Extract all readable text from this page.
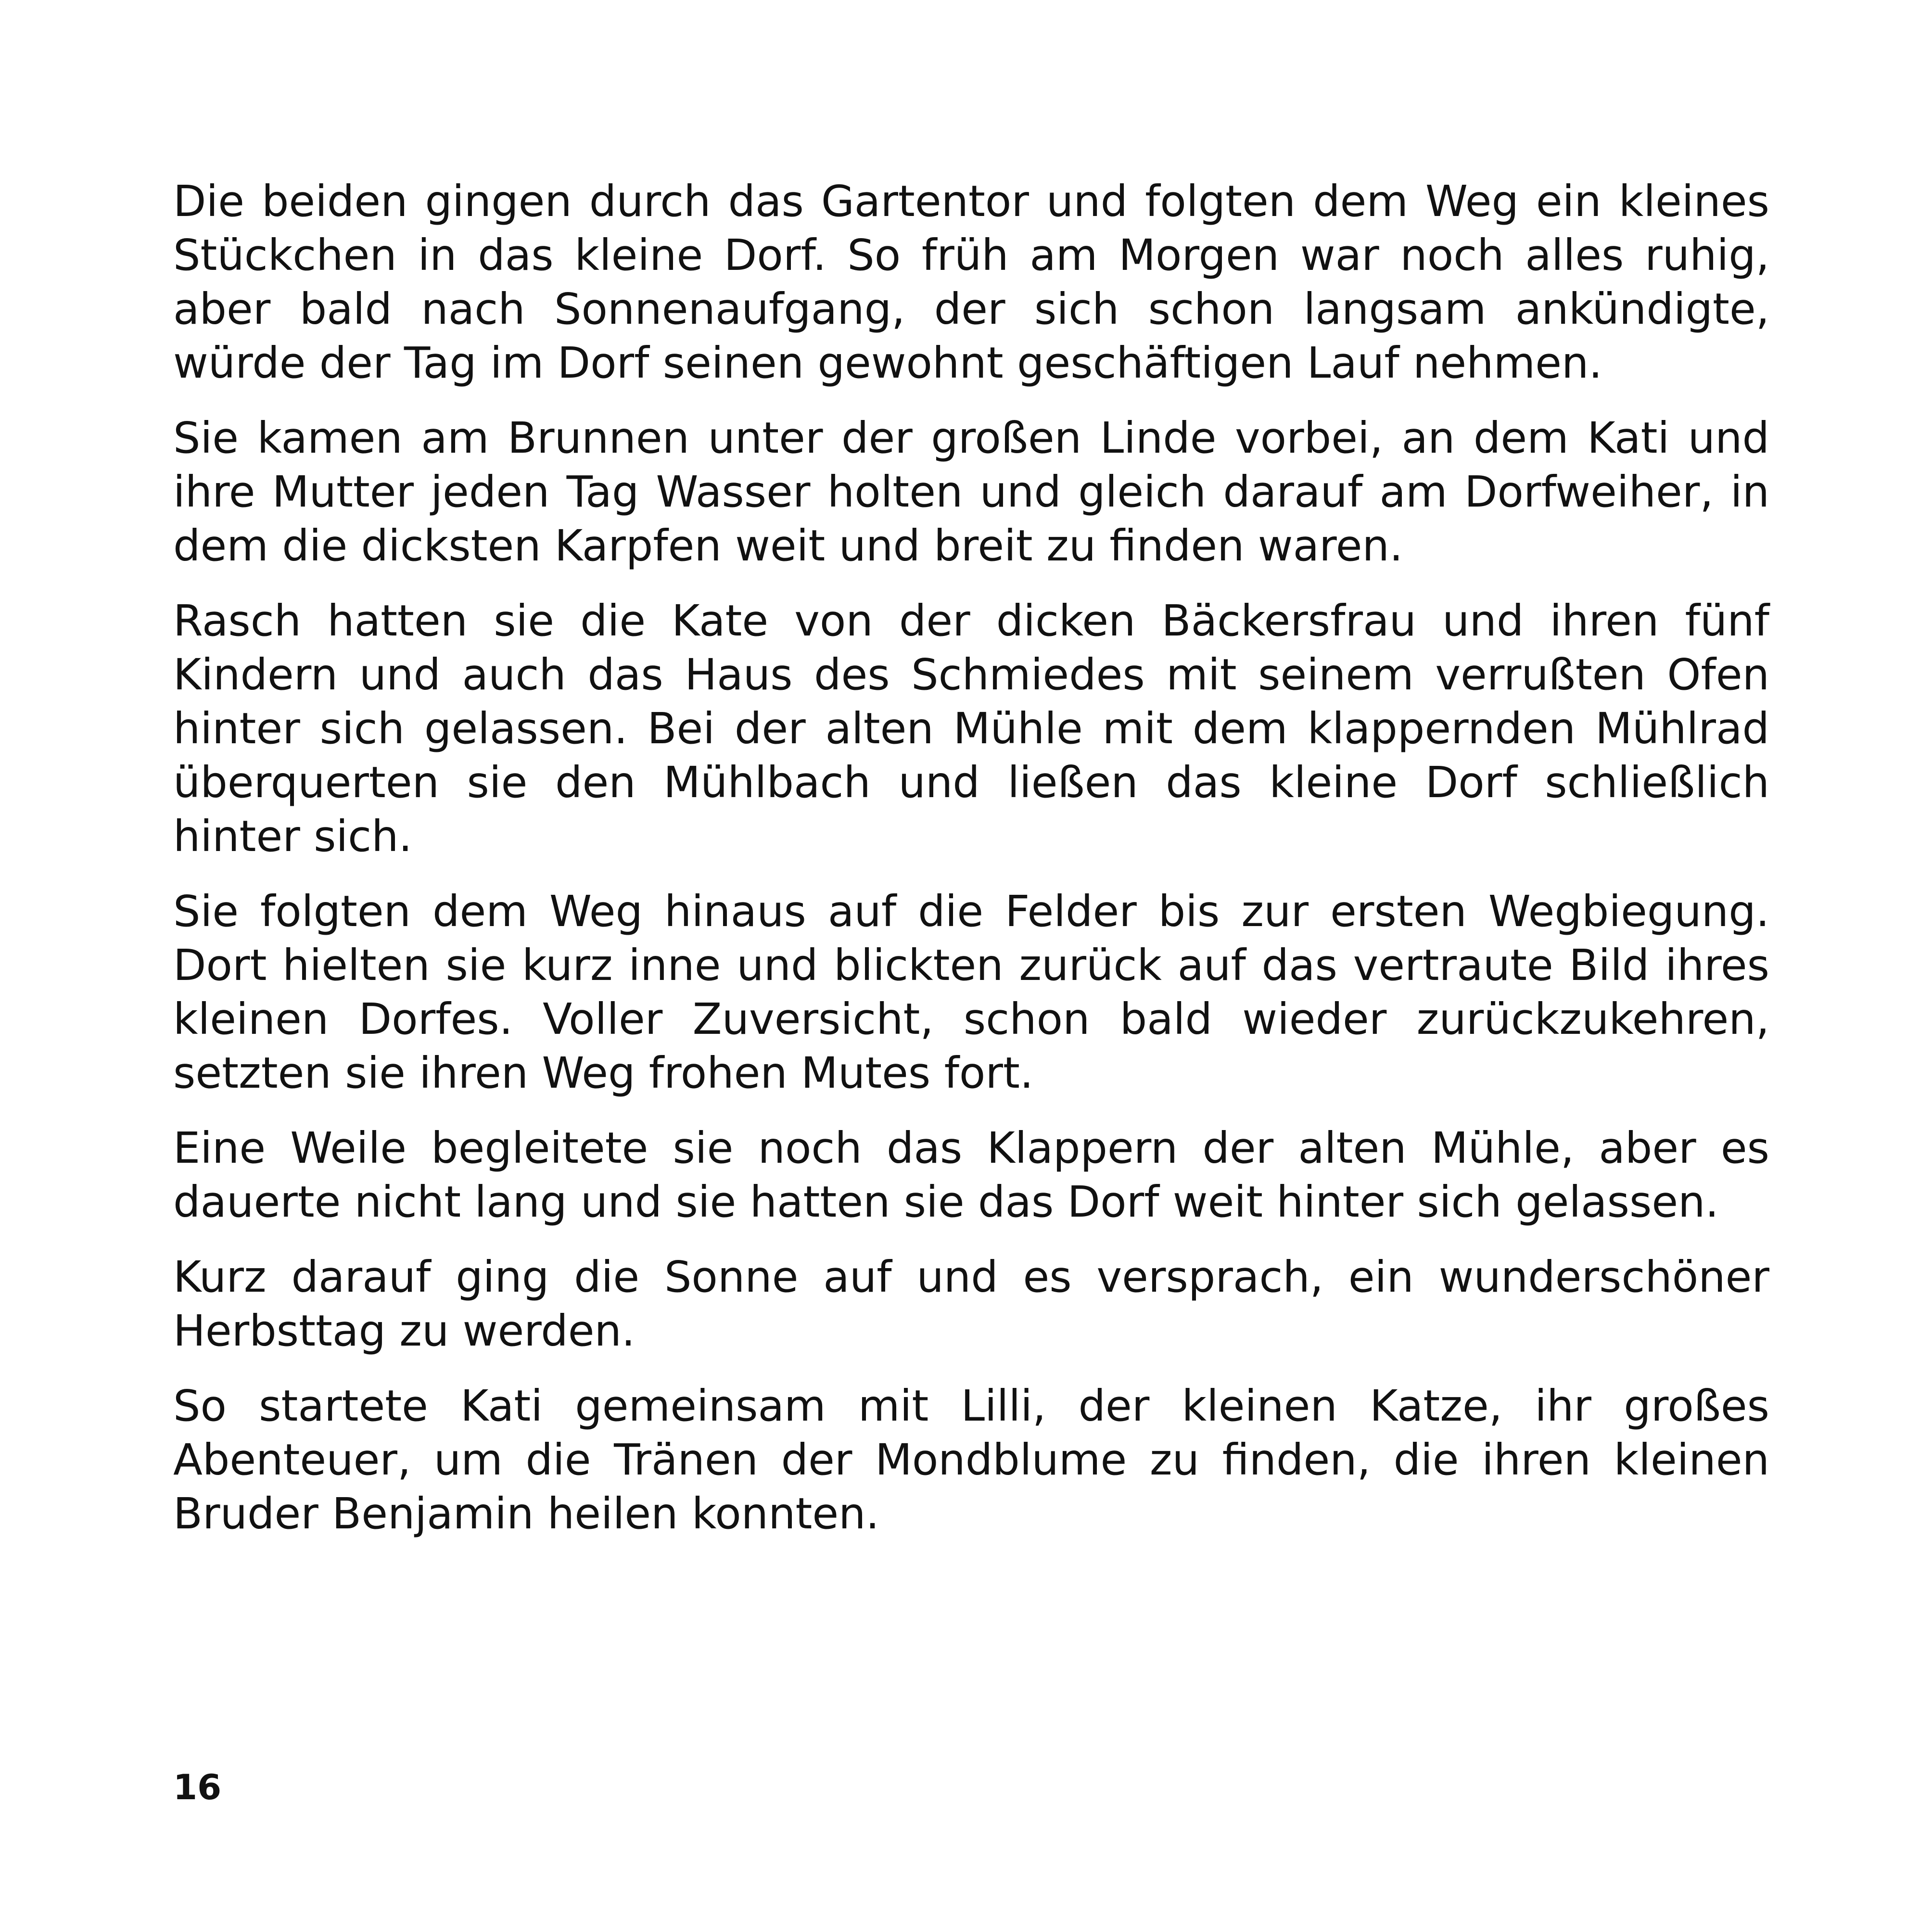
Die beiden gingen durch das Gartentor und folgten dem Weg ein kleines Stückchen in das kleine Dorf. So früh am Morgen war noch alles ruhig, aber bald nach Sonnenaufgang, der sich schon langsam ankündigte, würde der Tag im Dorf seinen gewohnt geschäftigen Lauf nehmen.

Sie kamen am Brunnen unter der großen Linde vorbei, an dem Kati und ihre Mutter jeden Tag Wasser holten und gleich darauf am Dorfweiher, in dem die dicksten Karpfen weit und breit zu finden waren.

Rasch hatten sie die Kate von der dicken Bäckersfrau und ihren fünf Kindern und auch das Haus des Schmiedes mit seinem verrußten Ofen hinter sich gelassen. Bei der alten Mühle mit dem klappernden Mühlrad überquerten sie den Mühlbach und ließen das kleine Dorf schließlich hinter sich.

Sie folgten dem Weg hinaus auf die Felder bis zur ersten Wegbiegung. Dort hielten sie kurz inne und blickten zurück auf das vertraute Bild ihres kleinen Dorfes. Voller Zuversicht, schon bald wieder zurückzukehren, setzten sie ihren Weg frohen Mutes fort.

Eine Weile begleitete sie noch das Klappern der alten Mühle, aber es dauerte nicht lang und sie hatten sie das Dorf weit hinter sich gelassen.

Kurz darauf ging die Sonne auf und es versprach, ein wunderschöner Herbsttag zu werden.

So startete Kati gemeinsam mit Lilli, der kleinen Katze, ihr großes Abenteuer, um die Tränen der Mondblume zu finden, die ihren kleinen Bruder Benjamin heilen konnten.

16
